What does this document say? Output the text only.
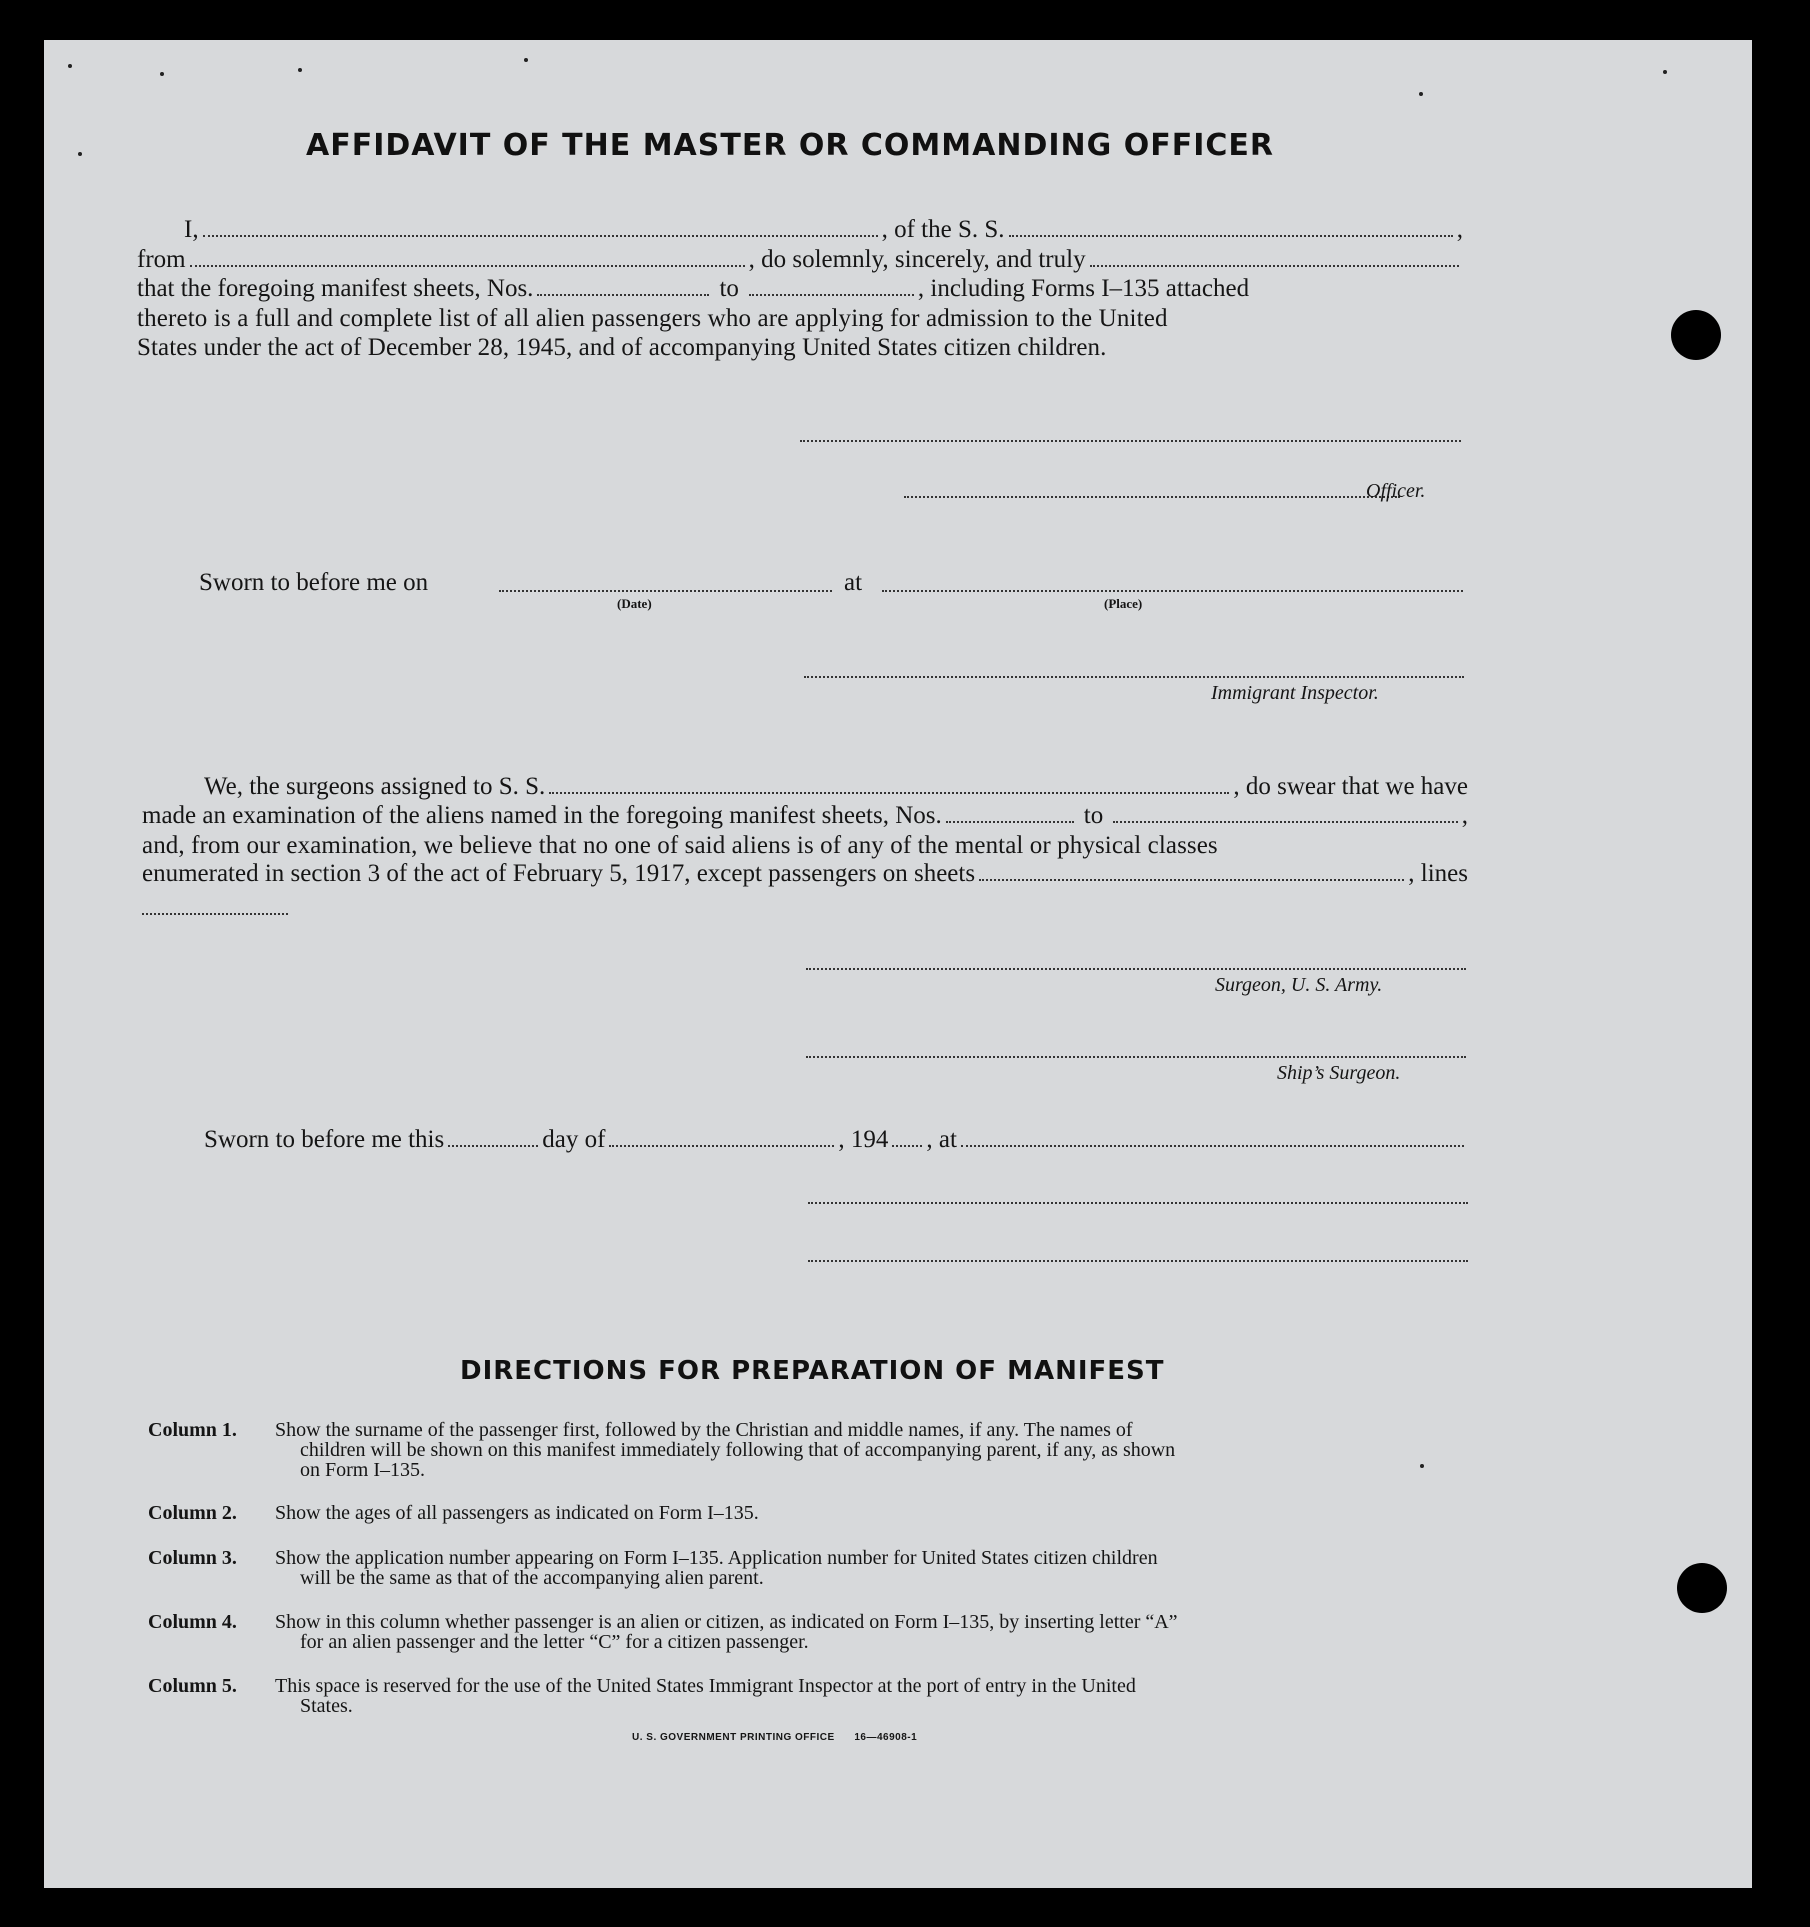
AFFIDAVIT OF THE MASTER OR COMMANDING OFFICER
I,	, of the S. S.	,
from	, do solemnly, sincerely, and truly
that the foregoing manifest sheets, Nos.	to	, including Forms I–135 attached
thereto is a full and complete list of all alien passengers who are applying for admission to the United
States under the act of December 28, 1945, and of accompanying United States citizen children.
Officer.
Sworn to before me on	at
(Date)	(Place)
Immigrant Inspector.
We, the surgeons assigned to S. S.	, do swear that we have
made an examination of the aliens named in the foregoing manifest sheets, Nos.	to	,
and, from our examination, we believe that no one of said aliens is of any of the mental or physical classes
enumerated in section 3 of the act of February 5, 1917, except passengers on sheets	, lines
Surgeon, U. S. Army.
Ship’s Surgeon.
Sworn to before me this	day of	, 194 , at
DIRECTIONS FOR PREPARATION OF MANIFEST
Column 1.	Show the surname of the passenger first, followed by the Christian and middle names, if any. The names of
children will be shown on this manifest immediately following that of accompanying parent, if any, as shown
on Form I–135.
Column 2.	Show the ages of all passengers as indicated on Form I–135.
Column 3.	Show the application number appearing on Form I–135. Application number for United States citizen children
will be the same as that of the accompanying alien parent.
Column 4.	Show in this column whether passenger is an alien or citizen, as indicated on Form I–135, by inserting letter “A”
for an alien passenger and the letter “C” for a citizen passenger.
Column 5.	This space is reserved for the use of the United States Immigrant Inspector at the port of entry in the United
States.
U. S. GOVERNMENT PRINTING OFFICE      16—46908-1
